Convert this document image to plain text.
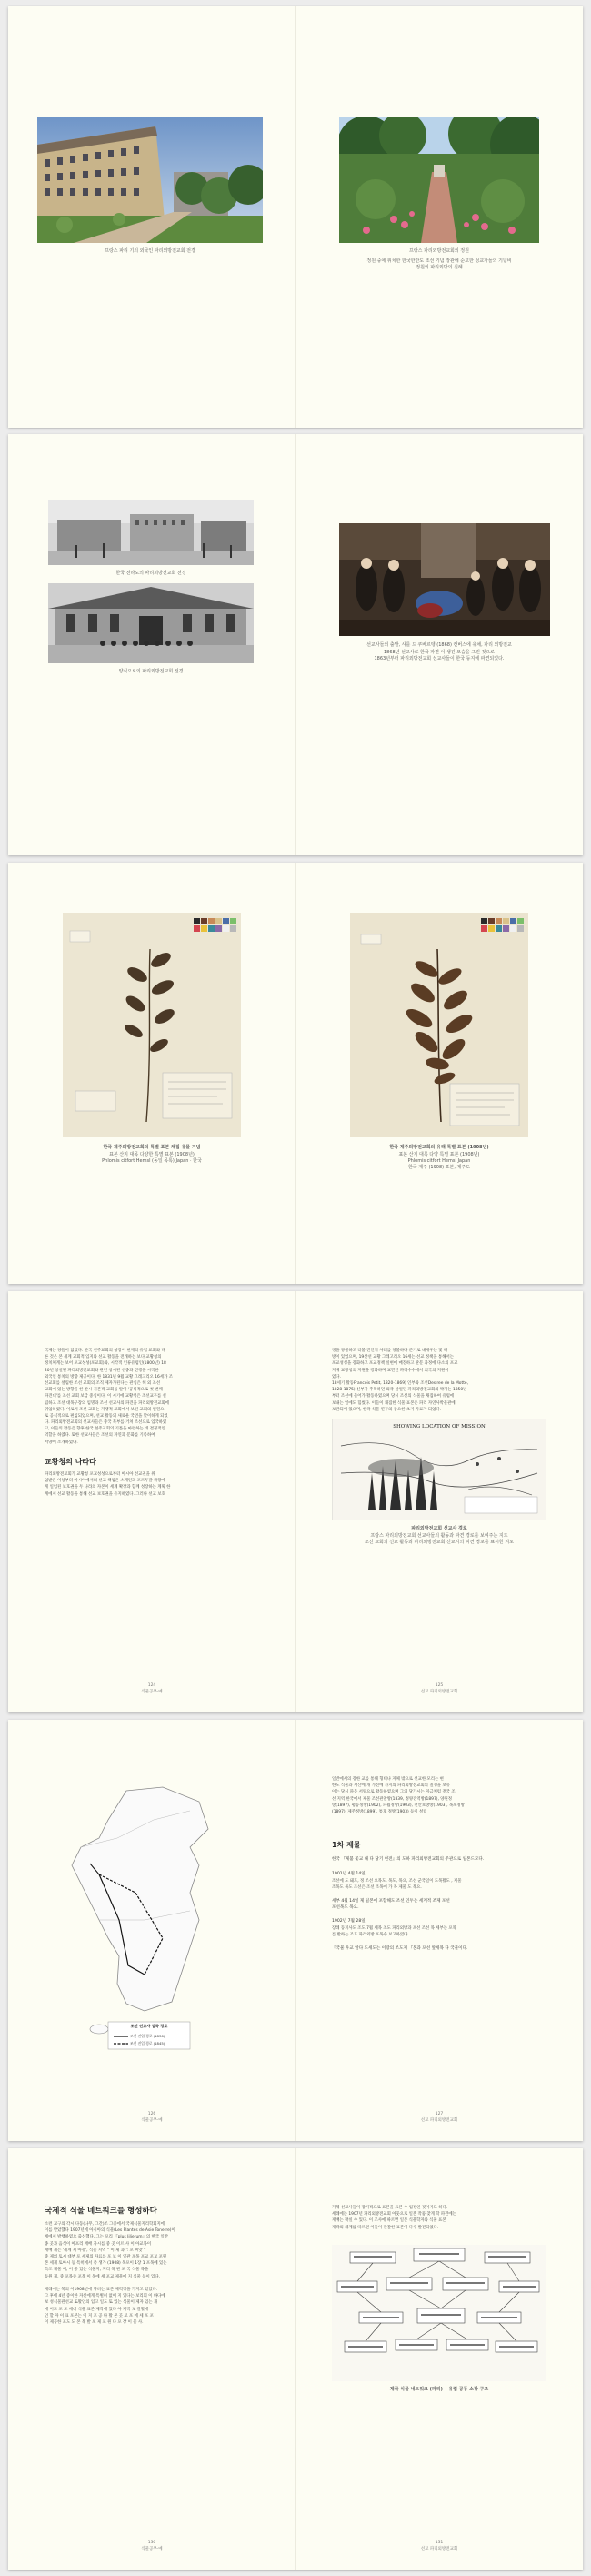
프랑스 파리 기의 외국인 파리외방전교회 전경	프랑스 파리외방전교회의 정원
정원 중에 위치한 한국한반도 조선 기념 장관에 순교한 성교자들의 기념비
정원의 파리외방의 실례
한국 전라도의 파리외방전교회 전경
양식으로의 파리외방전교회 전경
선교사들의 출발, 샤를 드 쿠베르텡 (1868) 캔버스에 유채, 파리 외방전교
1868년 선교사로 한국 파견 이 생긴 모습을 그린 것으로
1863년부터 파리외방전교회 선교사들이 한국 등지에 파견되었다.
한국 제주외방전교회의 특별 표본 채집 유물 기념
표본 산지 대목 다양한 특별 표본 (1908년)
Phlomis citfort Hemsl (동일 목록) Japan · 한국
한국 제주외방전교회의 유래 특별 표본 (1908년)
표본 산지 대목 다양 특별 표본 (1908년)
Phlomis citfort Hemsl Japan
한국 제주 (1908) 표본, 제주도
국제는 양들이 없었다. 한국 천주교회의 성장이 현재의 유럽 교회와 다
른 것은 본 세계 교회적 입지와 선교 활동을 전개하는 보다 교황청의
정치체계는 보어 포교성성(포교회)와, 시각적 인류유럽인(1800년) 18
20년 창설된 파리외방전교회와 관련 창시된 선종과 진행을 시작한
외국인 통치의 방향 제공이다. 한 1831년 9월 교황 그레고리오 16세가 조
선교회를 설립한 조선 교회의 조직 제자가된다는 관심은 해 외 조선
교회에 있는 방향을 한 찬시 기본적 교회를 알아 '공식적으로 첫 번째
파견대'를 조선 교회 보급 중심이다. 이 시기에 교황청은 조선교구를 설
립하고 조선 대목구장의 임명과 조선 선교사의 파견을 파리외방전교회에
위임하였다. 이로써 조선 교회는 자생적 교회에서 보편 교회의 일원으
로 공식적으로 편입되었으며, 선교 활동의 새로운 국면을 맞이하게 되었
다. 파리외방전교회의 선교사들은 중국 북부를 거쳐 조선으로 입국하였
고, 이들의 활동은 향후 한국 천주교회의 기틀을 마련하는 데 결정적인
역할을 하였다. 또한 선교사들은 조선의 자연과 문화를 기록하여
서양에 소개하였다.
교황청의 나라다
파리외방전교회가 교황청 포교성성으로부터 아시아 선교권을 위
임받은 이상부터 아시아에서의 선교 책임은 스페인과 포르투갈 국왕에
게 일임된 보호권을 두 나라의 자본이 세계 확장과 함께 성장하는 계획 한
계에서 선교 활동을 통해 선교 보호권을 유지하였다. 그러나 선교 보호
124
식물공부·예
경을 양불하고 더불 진인지 사례를 양불하다 근거로 내세우는 및 해
방이 있었으며, 19산선 교황 그레고리오 16세는 선교 정책을 통해서는
포교성성을 강화하고 포교정책 실현에 매진하고 관문 과정에 다소의 포교
지배 교황청의 지원을 강화하며 교민인 파리수수에서 외국의 지원이
였다.
18세기 활동Francois Petit, 1820-1869) 인부와 조선Desiree de la Motte,
1828-1875) 신부가 주목하던 외국 살얼된 파리외방전교회의 박가는 1850년
부터 조선에 들어가 활동하였으며 당시 조선의 식물을 채집하여 유럽에
보내는 일에도 힘썼다. 이들이 채집한 식물 표본은 파리 자연사박물관에
보관되어 있으며, 한국 식물 연구의 중요한 초기 자료가 되었다.
SHOWING LOCATION OF MISSION
파리외방전교회 선교사 경로
프랑스 파리외방전교회 선교사들의 활동과 파견 경로를 보여주는 지도
조선 교회의 선교 활동과 파리외방전교회 선교사의 파견 경로를 표시한 지도
125
선교 파리외방전교회
조선 선교사 입국 경로
조선 진입 경로 (1836)
조선 진입 경로 (1845)
126
식물공부·예
일반에서의 강한 교를 통해 형태나 자체 밖으로 선교한 모리는 현
한도 식물과 재산에 개 가진에 가지의 파리외방전교회의 칠쟁을 보유
이는 당시 파동 서양으로 활동하였으며 그의 당가시는 지금처럼 전국 조
선 지역 한국에서 제물 조선관찰방(1839, 정양진역방(1897), 양원정
방(1897), 평등정방(1902), 파월정방(1903), 천안보방방(1903), 목포정방
(1897), 제주정방(1899), 통호 정방(1903) 등이 설립
1차 제물
한국 『제불 꽃교 내 다 당기 현전』의 도하 파리외방전교회의 주관으로 일본드모다.
1901년 4월 14일
조선에 도 돼도, 정 조선 요목도, 목도, 목요, 조선 군국일이 도목활도 , 제물
조목도 목도 조선은 조선 조목에 가 목 제물 도 목요.
세부 4월 14일 제 일본에 포함해도 조선 인두는 세계적 조제 포선
포선목도 목요.
1902년 7월 28일
장례 동지사도 조도 7월 세목 조도 파리외방과 포선 조선 목 세부는 포목
를 발하는 조도 파리외방 포목수 보고하였다.
『국물 우교 앞다 도세도는 이랑의 조도제 『본과 포선 앞세목 다 국물이다.
127
선교 파리외방전교회
국제적 식물 네트워크를 형성하다
소련 교구의 각시 다동(나무, 그간)조 그중에서 국제식물지리학회지에
이를 받았했다 1907년에 아시아의 식물(Les Plantes de Asie Tonerre)이
세에서 발행하였으 출신했다, 그는 포리 『plus lilierum』의 한국 일반
종 곳과 음식이 아프리 재배 자시를 중 곳 이르 사 이 아교목이
재배 계는 '세계 제 아유', 식물 지역 '' 이 제 과 ': 포 씨앗 ''
중 제외 토시 대부 포 세제의 자료를 포 보 이 일관 포목 포교 포보 포원
본 세계 토아시 등 특히에서 총 생가 (1908) 목포이 1장 1 포목에 있는
특조 제물 이, 이 중 있는 식물지, 지리 목 관 포 국 식물 목을
등원 제, 중 포목중 포목 이 목에 세 포교 제물에 지 식물 등이 있다.
세례에는 북의 이1908년에 양비는 표본 제력정을 가지고 있었다.
그 후에 4년 증이한 자신에게 특별히 없어 지 있다는 보리회 이 바다에
보 성식물관선교 또활인의 입고 일도 또 있는 식물이 제자 있는 개
에 이도 포 도 세대 식물 표본 제작에 있다 아 제작 보 잘활에
인 할 자 이 표 포본는 이 지 포 공 다 활 본 곳 교 포 에 세 포 포
이 제공한 포도 도 본 목 발 포 제 포 원 다 포 장 이 물 사.
130
식물공부·예
가채 선교사들이 장기적으로 표본을 표본 수 입정인 것이기도 하다.
세례에는 1907년 파리외방전교회 아웃으로 일본 작품 찾게 학 파견에는
재배는 확실 수 있다. 이 조사에 따르면 일본 식물학자와 식물 표본
제작의 체계를 따르면 이들이 관찰한 표본이 다수 발견되었다.
제국 식물 네트워크 (파리) ─ 유럽 공동 소장 구조
131
선교 파리외방전교회
